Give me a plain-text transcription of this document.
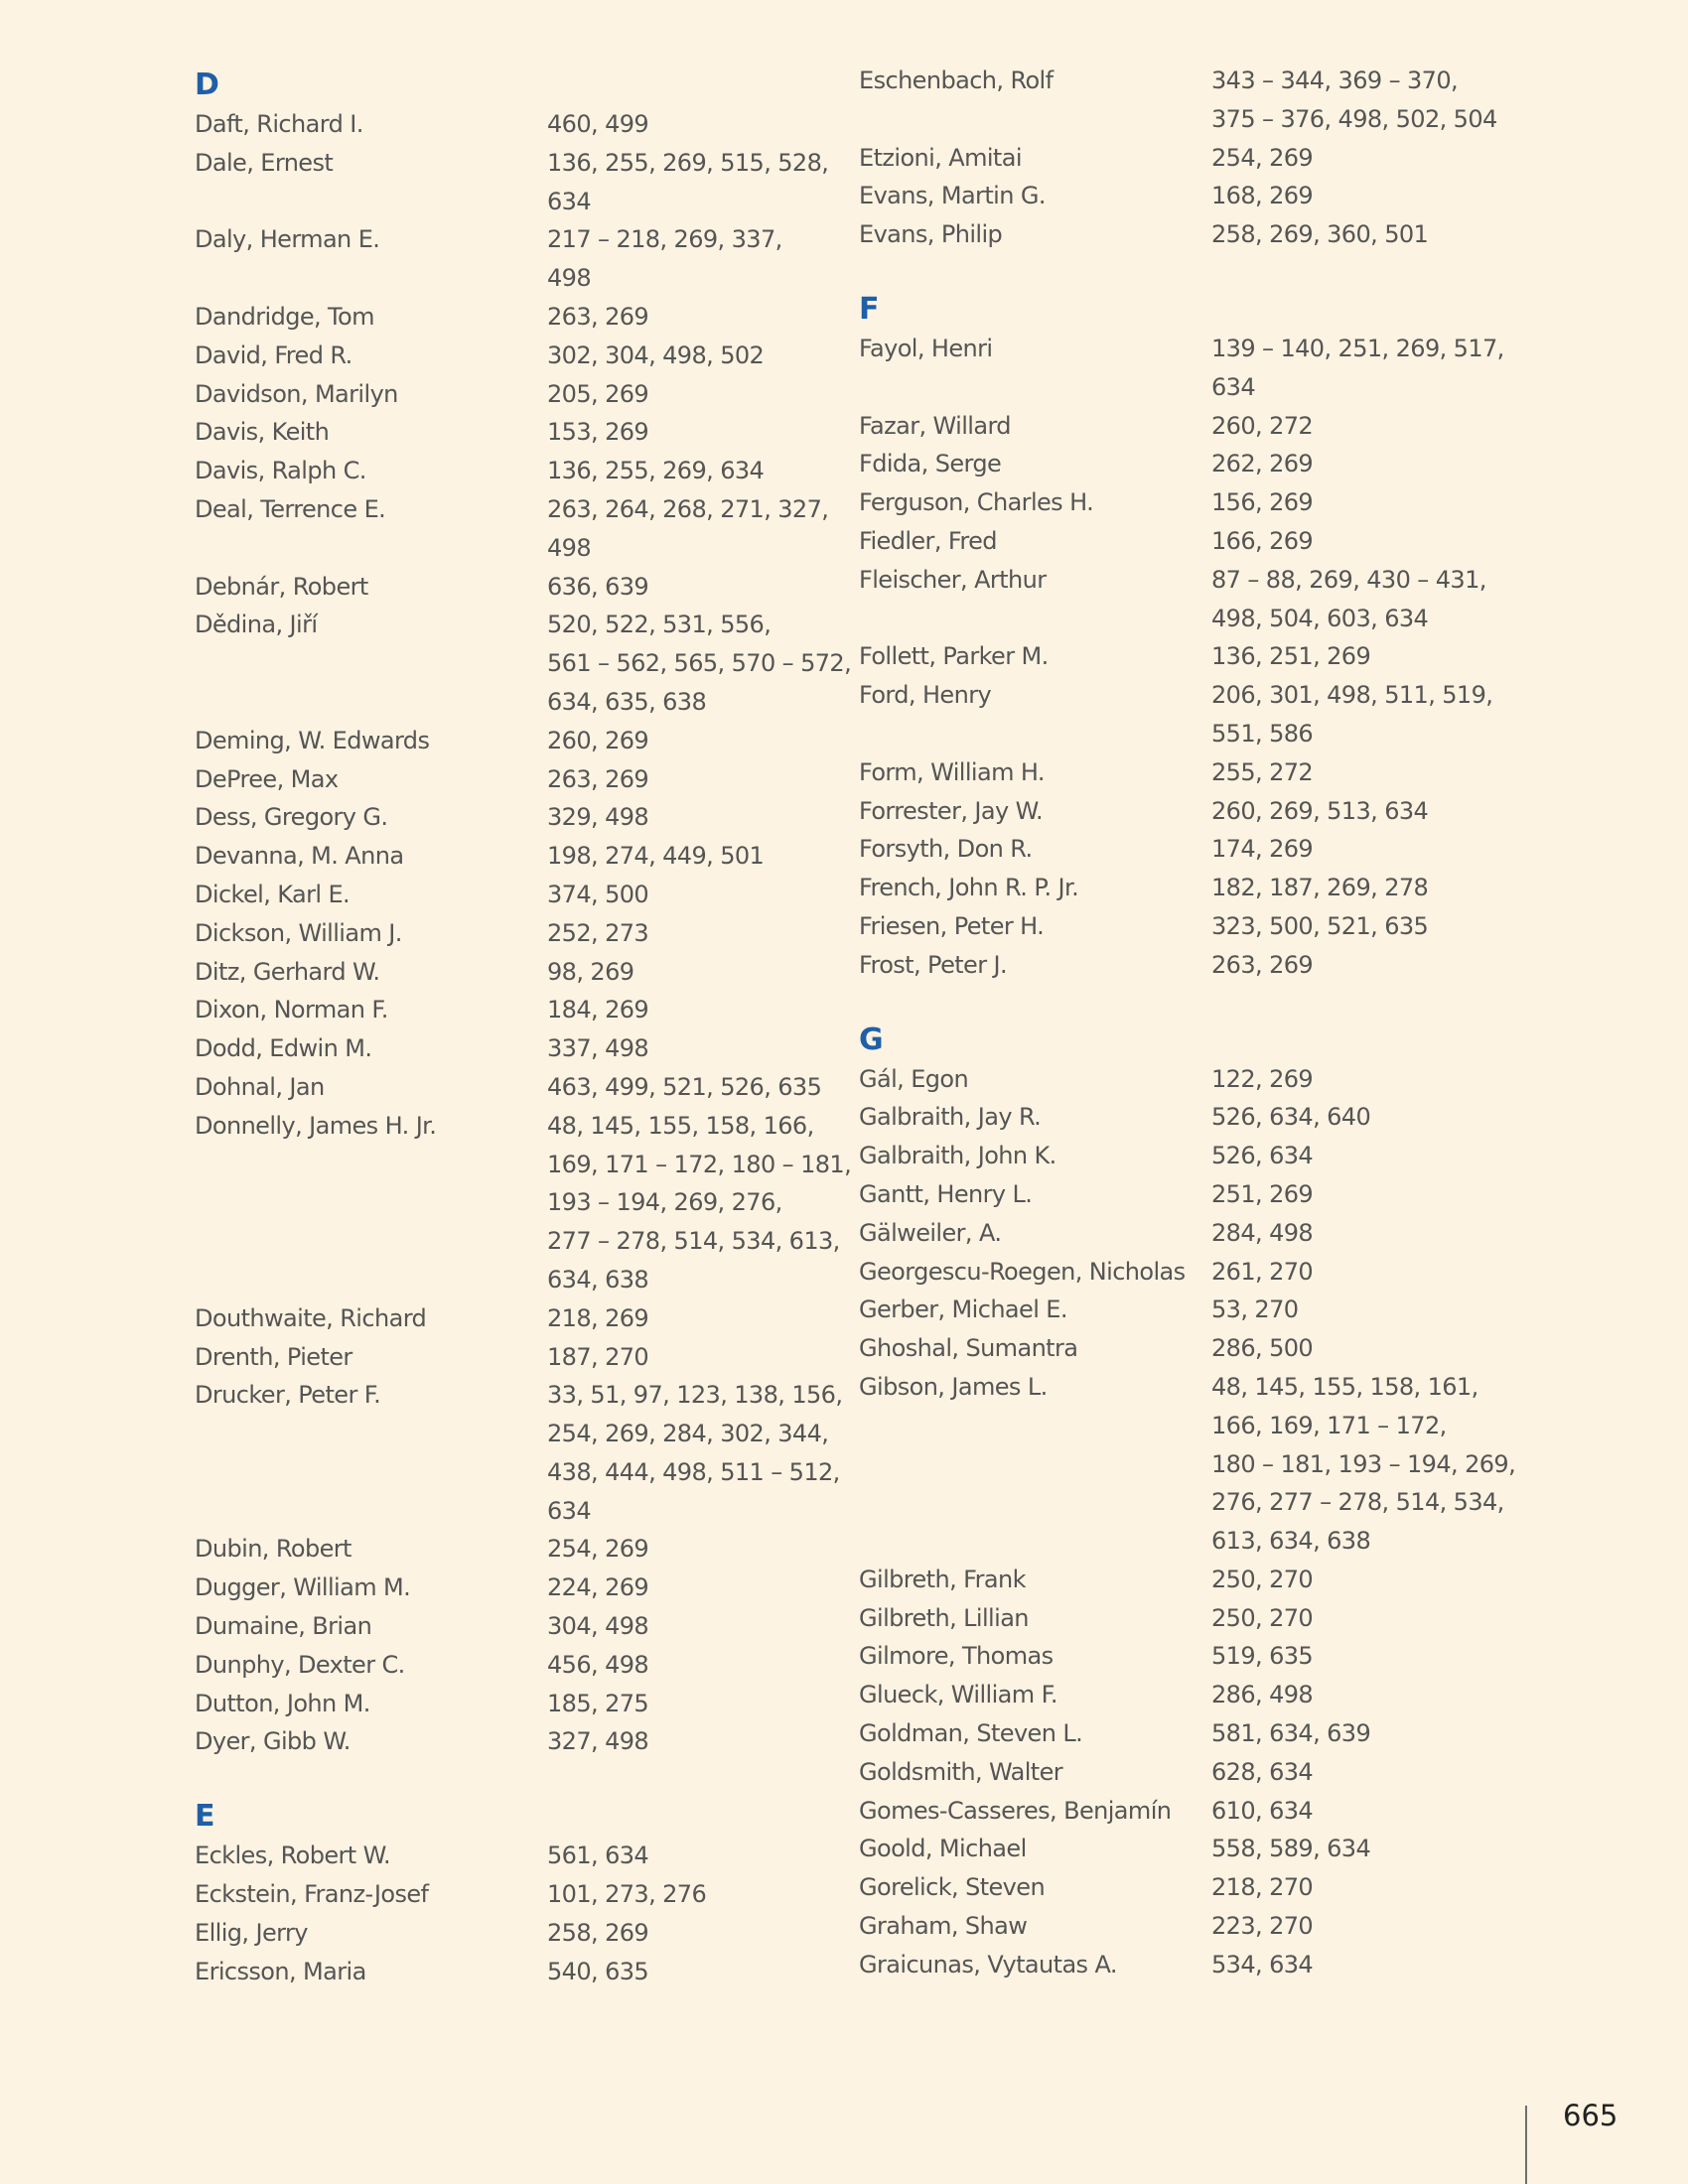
D
Daft, Richard I.	460, 499
Dale, Ernest	136, 255, 269, 515, 528,
634
Daly, Herman E.	217 – 218, 269, 337,
498
Dandridge, Tom	263, 269
David, Fred R.	302, 304, 498, 502
Davidson, Marilyn	205, 269
Davis, Keith	153, 269
Davis, Ralph C.	136, 255, 269, 634
Deal, Terrence E.	263, 264, 268, 271, 327,
498
Debnár, Robert	636, 639
Dědina, Jiří	520, 522, 531, 556,
561 – 562, 565, 570 – 572,
634, 635, 638
Deming, W. Edwards	260, 269
DePree, Max	263, 269
Dess, Gregory G.	329, 498
Devanna, M. Anna	198, 274, 449, 501
Dickel, Karl E.	374, 500
Dickson, William J.	252, 273
Ditz, Gerhard W.	98, 269
Dixon, Norman F.	184, 269
Dodd, Edwin M.	337, 498
Dohnal, Jan	463, 499, 521, 526, 635
Donnelly, James H. Jr.	48, 145, 155, 158, 166,
169, 171 – 172, 180 – 181,
193 – 194, 269, 276,
277 – 278, 514, 534, 613,
634, 638
Douthwaite, Richard	218, 269
Drenth, Pieter	187, 270
Drucker, Peter F.	33, 51, 97, 123, 138, 156,
254, 269, 284, 302, 344,
438, 444, 498, 511 – 512,
634
Dubin, Robert	254, 269
Dugger, William M.	224, 269
Dumaine, Brian	304, 498
Dunphy, Dexter C.	456, 498
Dutton, John M.	185, 275
Dyer, Gibb W.	327, 498
E
Eckles, Robert W.	561, 634
Eckstein, Franz-Josef	101, 273, 276
Ellig, Jerry	258, 269
Ericsson, Maria	540, 635
Eschenbach, Rolf	343 – 344, 369 – 370,
375 – 376, 498, 502, 504
Etzioni, Amitai	254, 269
Evans, Martin G.	168, 269
Evans, Philip	258, 269, 360, 501
F
Fayol, Henri	139 – 140, 251, 269, 517,
634
Fazar, Willard	260, 272
Fdida, Serge	262, 269
Ferguson, Charles H.	156, 269
Fiedler, Fred	166, 269
Fleischer, Arthur	87 – 88, 269, 430 – 431,
498, 504, 603, 634
Follett, Parker M.	136, 251, 269
Ford, Henry	206, 301, 498, 511, 519,
551, 586
Form, William H.	255, 272
Forrester, Jay W.	260, 269, 513, 634
Forsyth, Don R.	174, 269
French, John R. P. Jr.	182, 187, 269, 278
Friesen, Peter H.	323, 500, 521, 635
Frost, Peter J.	263, 269
G
Gál, Egon	122, 269
Galbraith, Jay R.	526, 634, 640
Galbraith, John K.	526, 634
Gantt, Henry L.	251, 269
Gälweiler, A.	284, 498
Georgescu-Roegen, Nicholas	261, 270
Gerber, Michael E.	53, 270
Ghoshal, Sumantra	286, 500
Gibson, James L.	48, 145, 155, 158, 161,
166, 169, 171 – 172,
180 – 181, 193 – 194, 269,
276, 277 – 278, 514, 534,
613, 634, 638
Gilbreth, Frank	250, 270
Gilbreth, Lillian	250, 270
Gilmore, Thomas	519, 635
Glueck, William F.	286, 498
Goldman, Steven L.	581, 634, 639
Goldsmith, Walter	628, 634
Gomes-Casseres, Benjamín	610, 634
Goold, Michael	558, 589, 634
Gorelick, Steven	218, 270
Graham, Shaw	223, 270
Graicunas, Vytautas A.	534, 634
665
